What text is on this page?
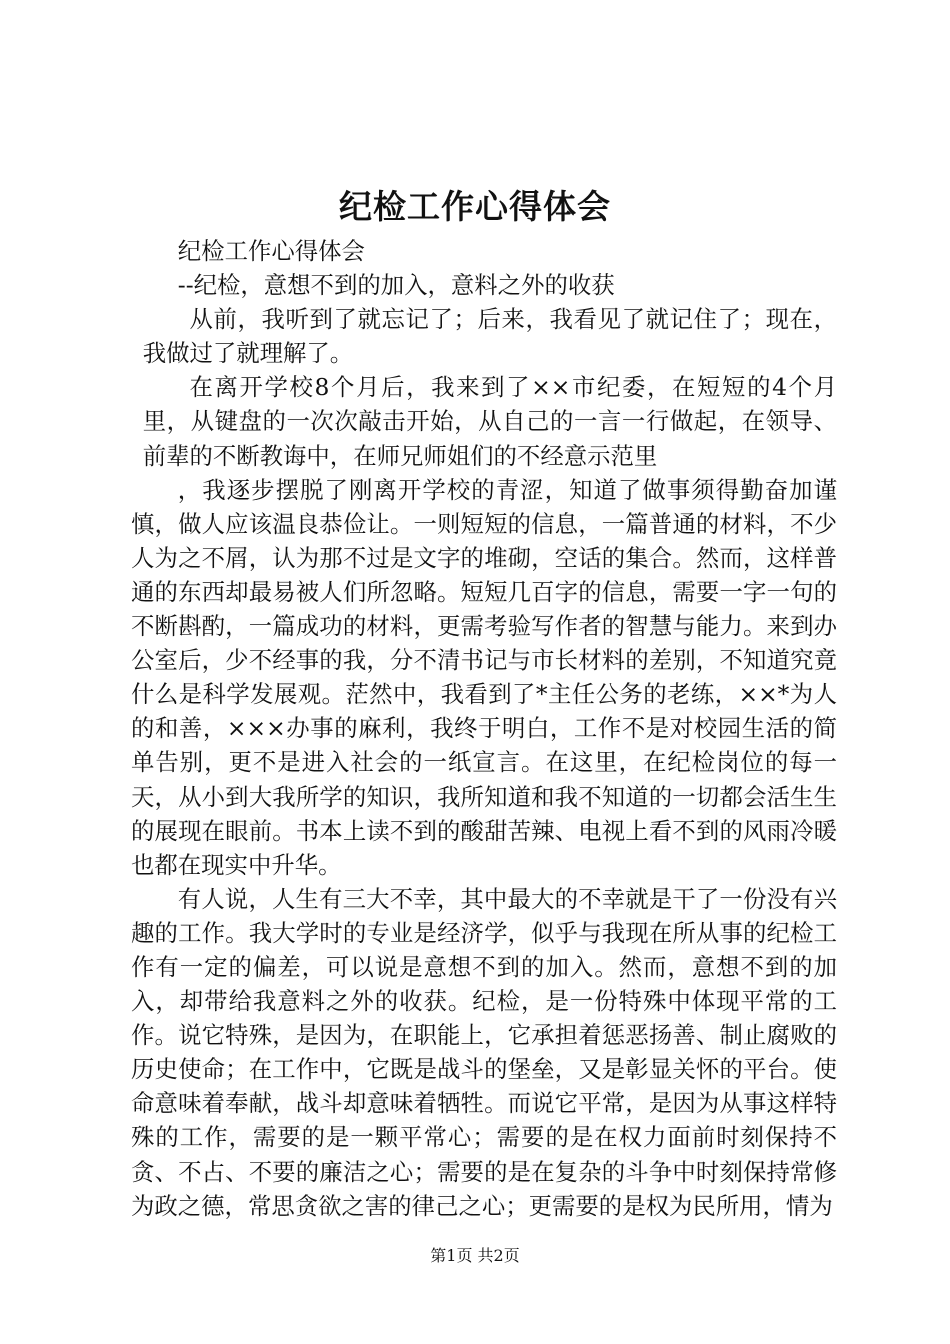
纪检工作心得体会

纪检工作心得体会

--纪检，意想不到的加入，意料之外的收获

从前，我听到了就忘记了；后来，我看见了就记住了；现在，我做过了就理解了。

在离开学校8个月后，我来到了××市纪委，在短短的4个月里，从键盘的一次次敲击开始，从自己的一言一行做起，在领导、前辈的不断教诲中，在师兄师姐们的不经意示范里

，我逐步摆脱了刚离开学校的青涩，知道了做事须得勤奋加谨慎，做人应该温良恭俭让。一则短短的信息，一篇普通的材料，不少人为之不屑，认为那不过是文字的堆砌，空话的集合。然而，这样普通的东西却最易被人们所忽略。短短几百字的信息，需要一字一句的不断斟酌，一篇成功的材料，更需考验写作者的智慧与能力。来到办公室后，少不经事的我，分不清书记与市长材料的差别，不知道究竟什么是科学发展观。茫然中，我看到了*主任公务的老练，××*为人的和善，×××办事的麻利，我终于明白，工作不是对校园生活的简单告别，更不是进入社会的一纸宣言。在这里，在纪检岗位的每一天，从小到大我所学的知识，我所知道和我不知道的一切都会活生生的展现在眼前。书本上读不到的酸甜苦辣、电视上看不到的风雨冷暖也都在现实中升华。

有人说，人生有三大不幸，其中最大的不幸就是干了一份没有兴趣的工作。我大学时的专业是经济学，似乎与我现在所从事的纪检工作有一定的偏差，可以说是意想不到的加入。然而，意想不到的加入，却带给我意料之外的收获。纪检，是一份特殊中体现平常的工作。说它特殊，是因为，在职能上，它承担着惩恶扬善、制止腐败的历史使命；在工作中，它既是战斗的堡垒，又是彰显关怀的平台。使命意味着奉献，战斗却意味着牺牲。而说它平常，是因为从事这样特殊的工作，需要的是一颗平常心；需要的是在权力面前时刻保持不贪、不占、不要的廉洁之心；需要的是在复杂的斗争中时刻保持常修为政之德，常思贪欲之害的律己之心；更需要的是权为民所用，情为

第1页 共2页
